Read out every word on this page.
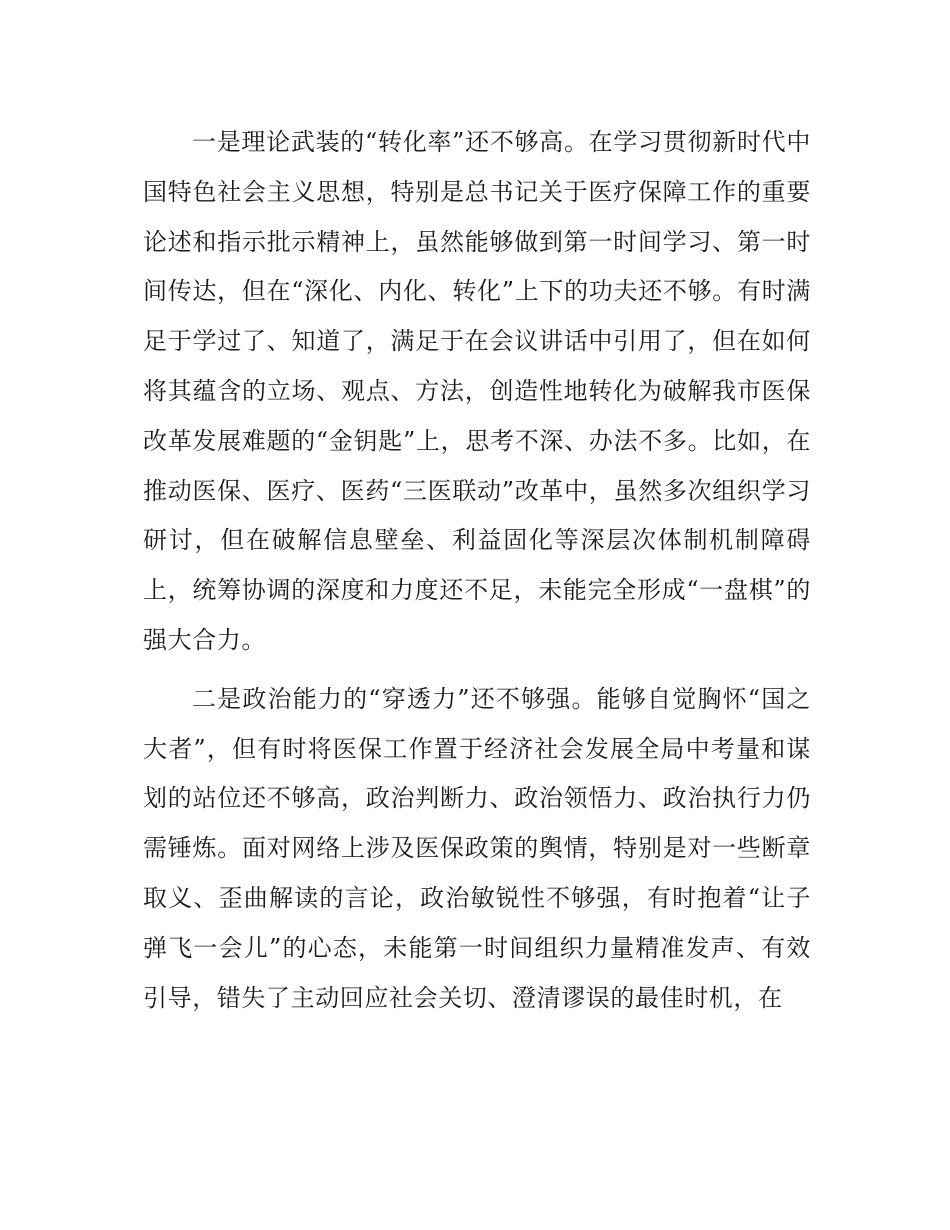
一是理论武装的“转化率”还不够高。在学习贯彻新时代中国特色社会主义思想，特别是总书记关于医疗保障工作的重要论述和指示批示精神上，虽然能够做到第一时间学习、第一时间传达，但在“深化、内化、转化”上下的功夫还不够。有时满足于学过了、知道了，满足于在会议讲话中引用了，但在如何将其蕴含的立场、观点、方法，创造性地转化为破解我市医保改革发展难题的“金钥匙”上，思考不深、办法不多。比如，在推动医保、医疗、医药“三医联动”改革中，虽然多次组织学习研讨，但在破解信息壁垒、利益固化等深层次体制机制障碍上，统筹协调的深度和力度还不足，未能完全形成“一盘棋”的强大合力。

二是政治能力的“穿透力”还不够强。能够自觉胸怀“国之大者”，但有时将医保工作置于经济社会发展全局中考量和谋划的站位还不够高，政治判断力、政治领悟力、政治执行力仍需锤炼。面对网络上涉及医保政策的舆情，特别是对一些断章取义、歪曲解读的言论，政治敏锐性不够强，有时抱着“让子弹飞一会儿”的心态，未能第一时间组织力量精准发声、有效引导，错失了主动回应社会关切、澄清谬误的最佳时机，在
